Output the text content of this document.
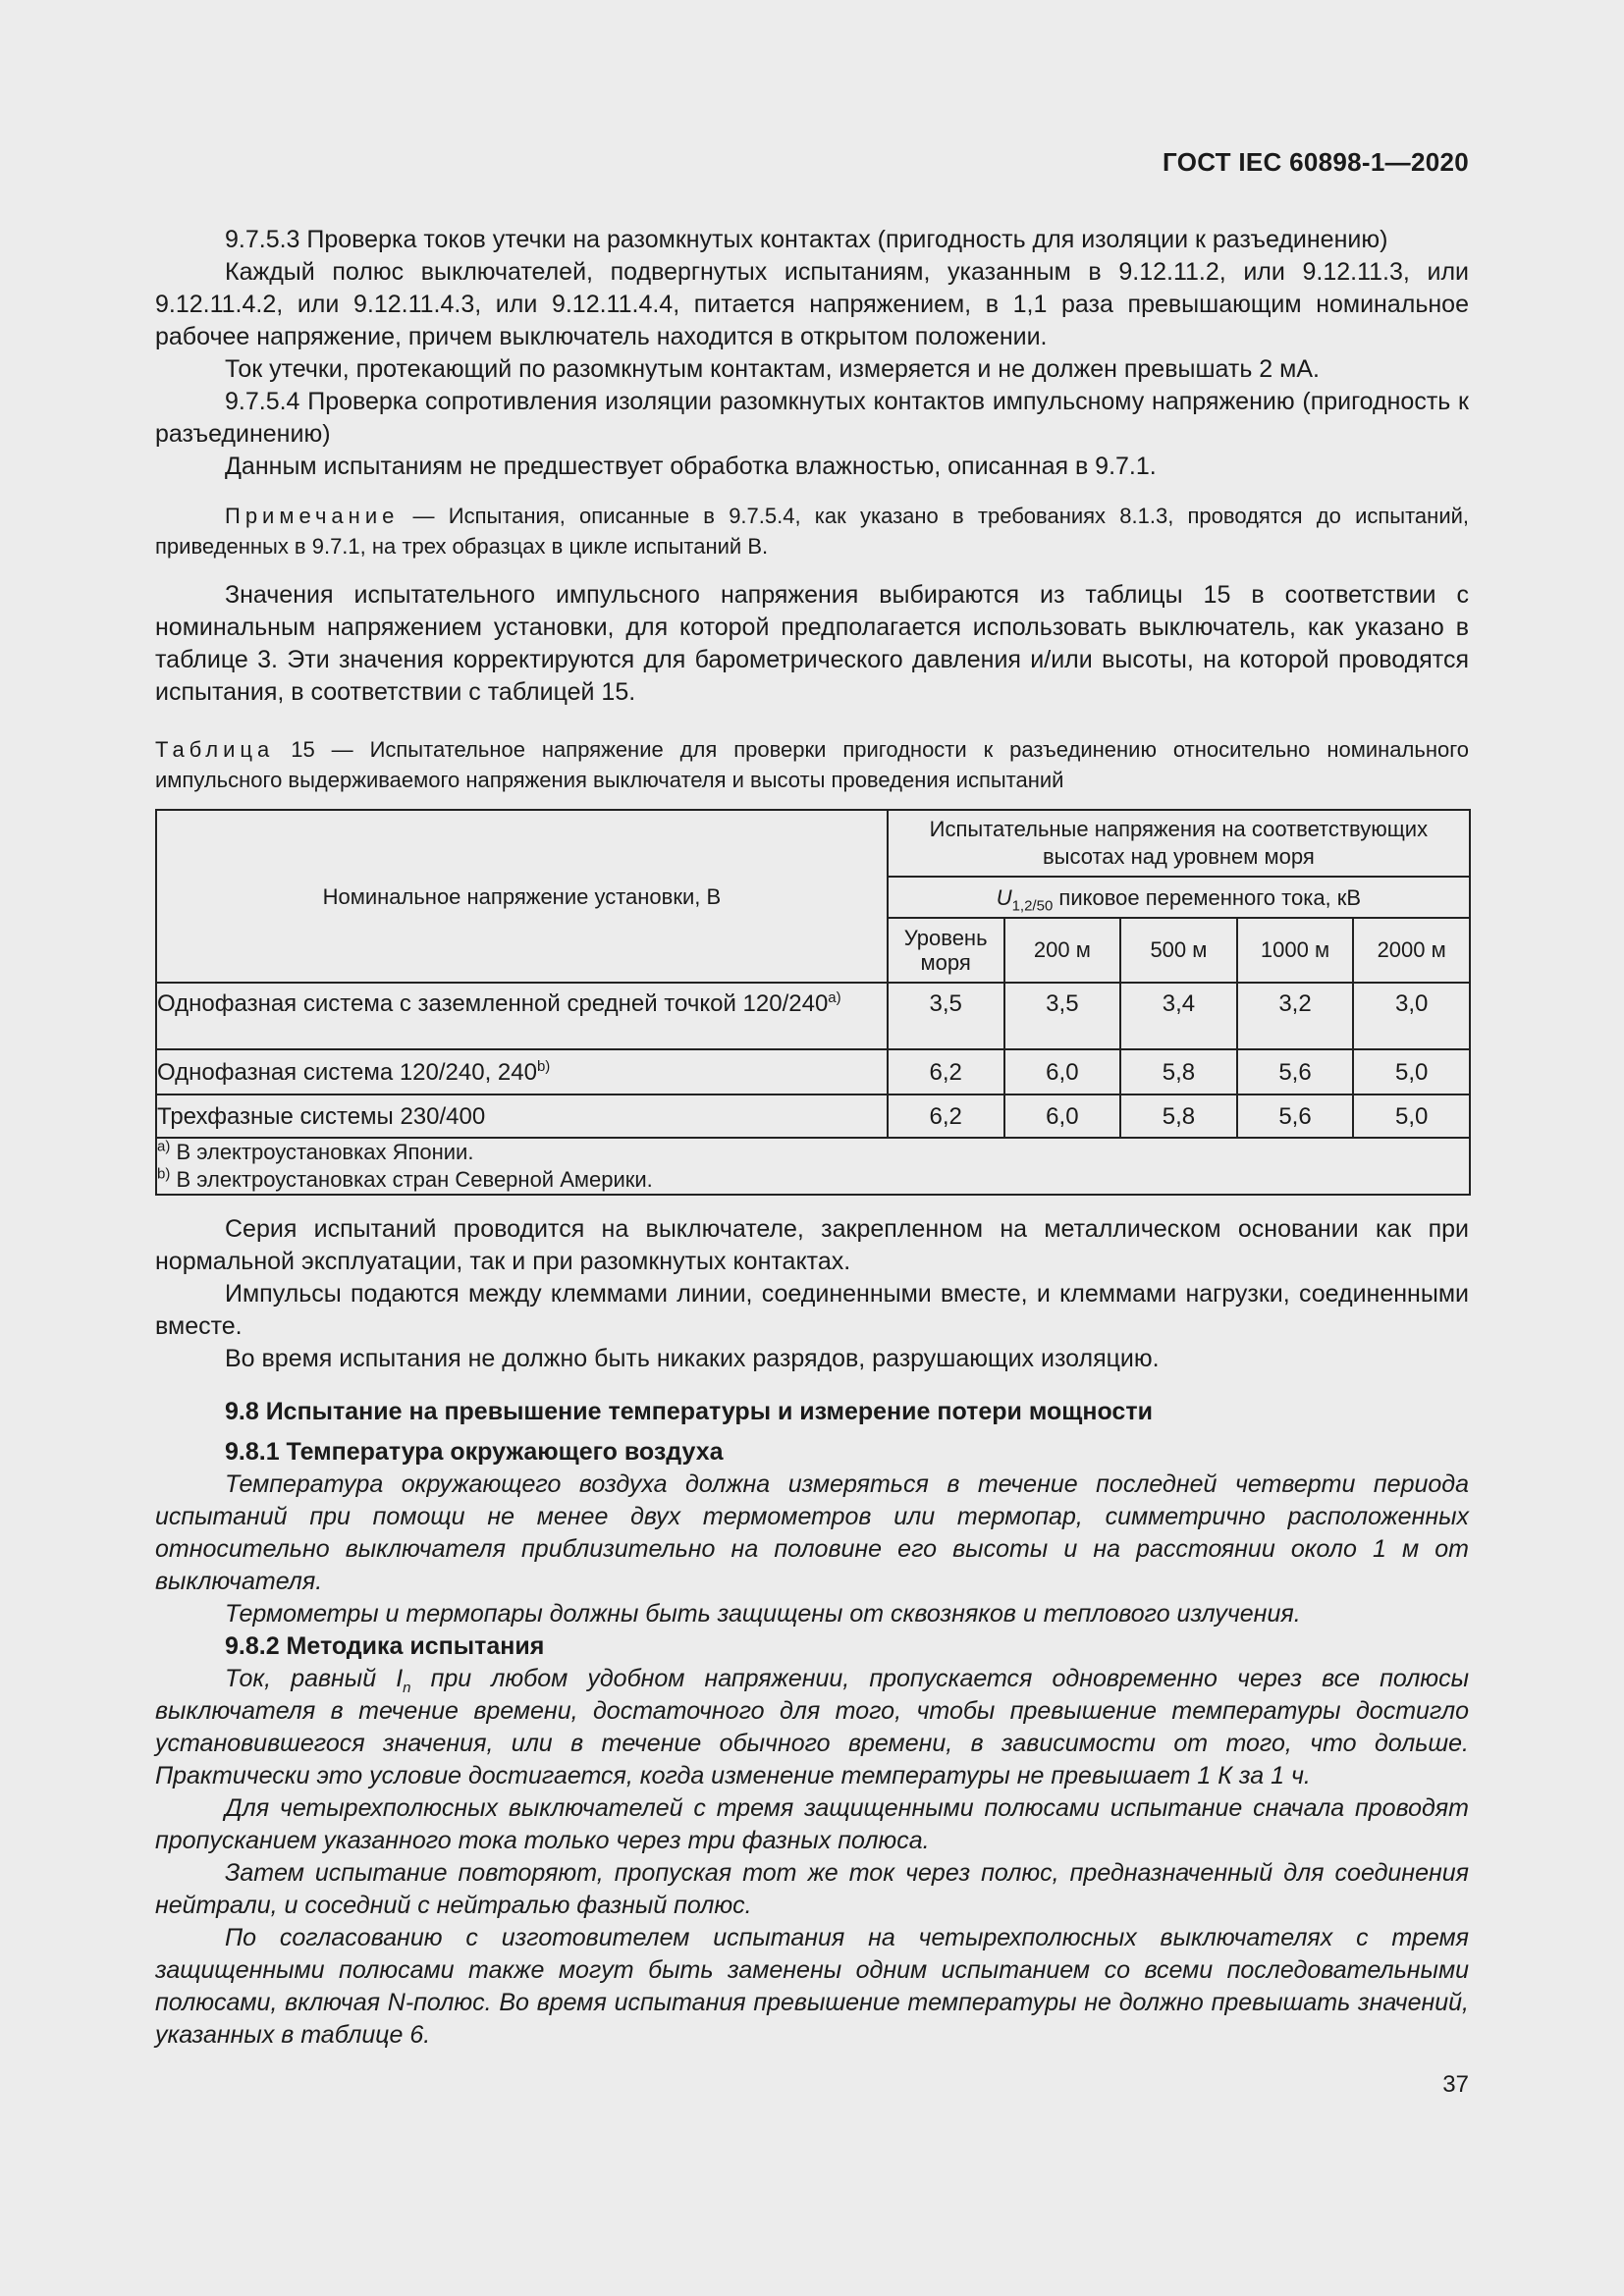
ГОСТ IEC 60898-1—2020

9.7.5.3 Проверка токов утечки на разомкнутых контактах (пригодность для изоляции к разъединению)

Каждый полюс выключателей, подвергнутых испытаниям, указанным в 9.12.11.2, или 9.12.11.3, или 9.12.11.4.2, или 9.12.11.4.3, или 9.12.11.4.4, питается напряжением, в 1,1 раза превышающим номинальное рабочее напряжение, причем выключатель находится в открытом положении.

Ток утечки, протекающий по разомкнутым контактам, измеряется и не должен превышать 2 мА.

9.7.5.4 Проверка сопротивления изоляции разомкнутых контактов импульсному напряжению (пригодность к разъединению)

Данным испытаниям не предшествует обработка влажностью, описанная в 9.7.1.

Примечание — Испытания, описанные в 9.7.5.4, как указано в требованиях 8.1.3, проводятся до испытаний, приведенных в 9.7.1, на трех образцах в цикле испытаний B.

Значения испытательного импульсного напряжения выбираются из таблицы 15 в соответствии с номинальным напряжением установки, для которой предполагается использовать выключатель, как указано в таблице 3. Эти значения корректируются для барометрического давления и/или высоты, на которой проводятся испытания, в соответствии с таблицей 15.

Таблица 15 — Испытательное напряжение для проверки пригодности к разъединению относительно номинального импульсного выдерживаемого напряжения выключателя и высоты проведения испытаний

Номинальное напряжение установки, В	Испытательные напряжения на соответствующих высотах над уровнем моря				
	$U_{1,2/50}$ пиковое переменного тока, кВ				
	Уровень моря	200 м	500 м	1000 м	2000 м
Однофазная система с заземленной средней точкой 120/240$^{a)}$	3,5	3,5	3,4	3,2	3,0
Однофазная система 120/240, 240$^{b)}$	6,2	6,0	5,8	5,6	5,0
Трехфазные системы 230/400	6,2	6,0	5,8	5,6	5,0

$^{a)}$ В электроустановках Японии.
$^{b)}$ В электроустановках стран Северной Америки.					

Серия испытаний проводится на выключателе, закрепленном на металлическом основании как при нормальной эксплуатации, так и при разомкнутых контактах.

Импульсы подаются между клеммами линии, соединенными вместе, и клеммами нагрузки, соединенными вместе.

Во время испытания не должно быть никаких разрядов, разрушающих изоляцию.

9.8 Испытание на превышение температуры и измерение потери мощности

9.8.1 Температура окружающего воздуха

Температура окружающего воздуха должна измеряться в течение последней четверти периода испытаний при помощи не менее двух термометров или термопар, симметрично расположенных относительно выключателя приблизительно на половине его высоты и на расстоянии около 1 м от выключателя.

Термометры и термопары должны быть защищены от сквозняков и теплового излучения.

9.8.2 Методика испытания

Ток, равный $I_n$ при любом удобном напряжении, пропускается одновременно через все полюсы выключателя в течение времени, достаточного для того, чтобы превышение температуры достигло установившегося значения, или в течение обычного времени, в зависимости от того, что дольше. Практически это условие достигается, когда изменение температуры не превышает 1 К за 1 ч.

Для четырехполюсных выключателей с тремя защищенными полюсами испытание сначала проводят пропусканием указанного тока только через три фазных полюса.

Затем испытание повторяют, пропуская тот же ток через полюс, предназначенный для соединения нейтрали, и соседний с нейтралью фазный полюс.

По согласованию с изготовителем испытания на четырехполюсных выключателях с тремя защищенными полюсами также могут быть заменены одним испытанием со всеми последовательными полюсами, включая N-полюс. Во время испытания превышение температуры не должно превышать значений, указанных в таблице 6.

37
